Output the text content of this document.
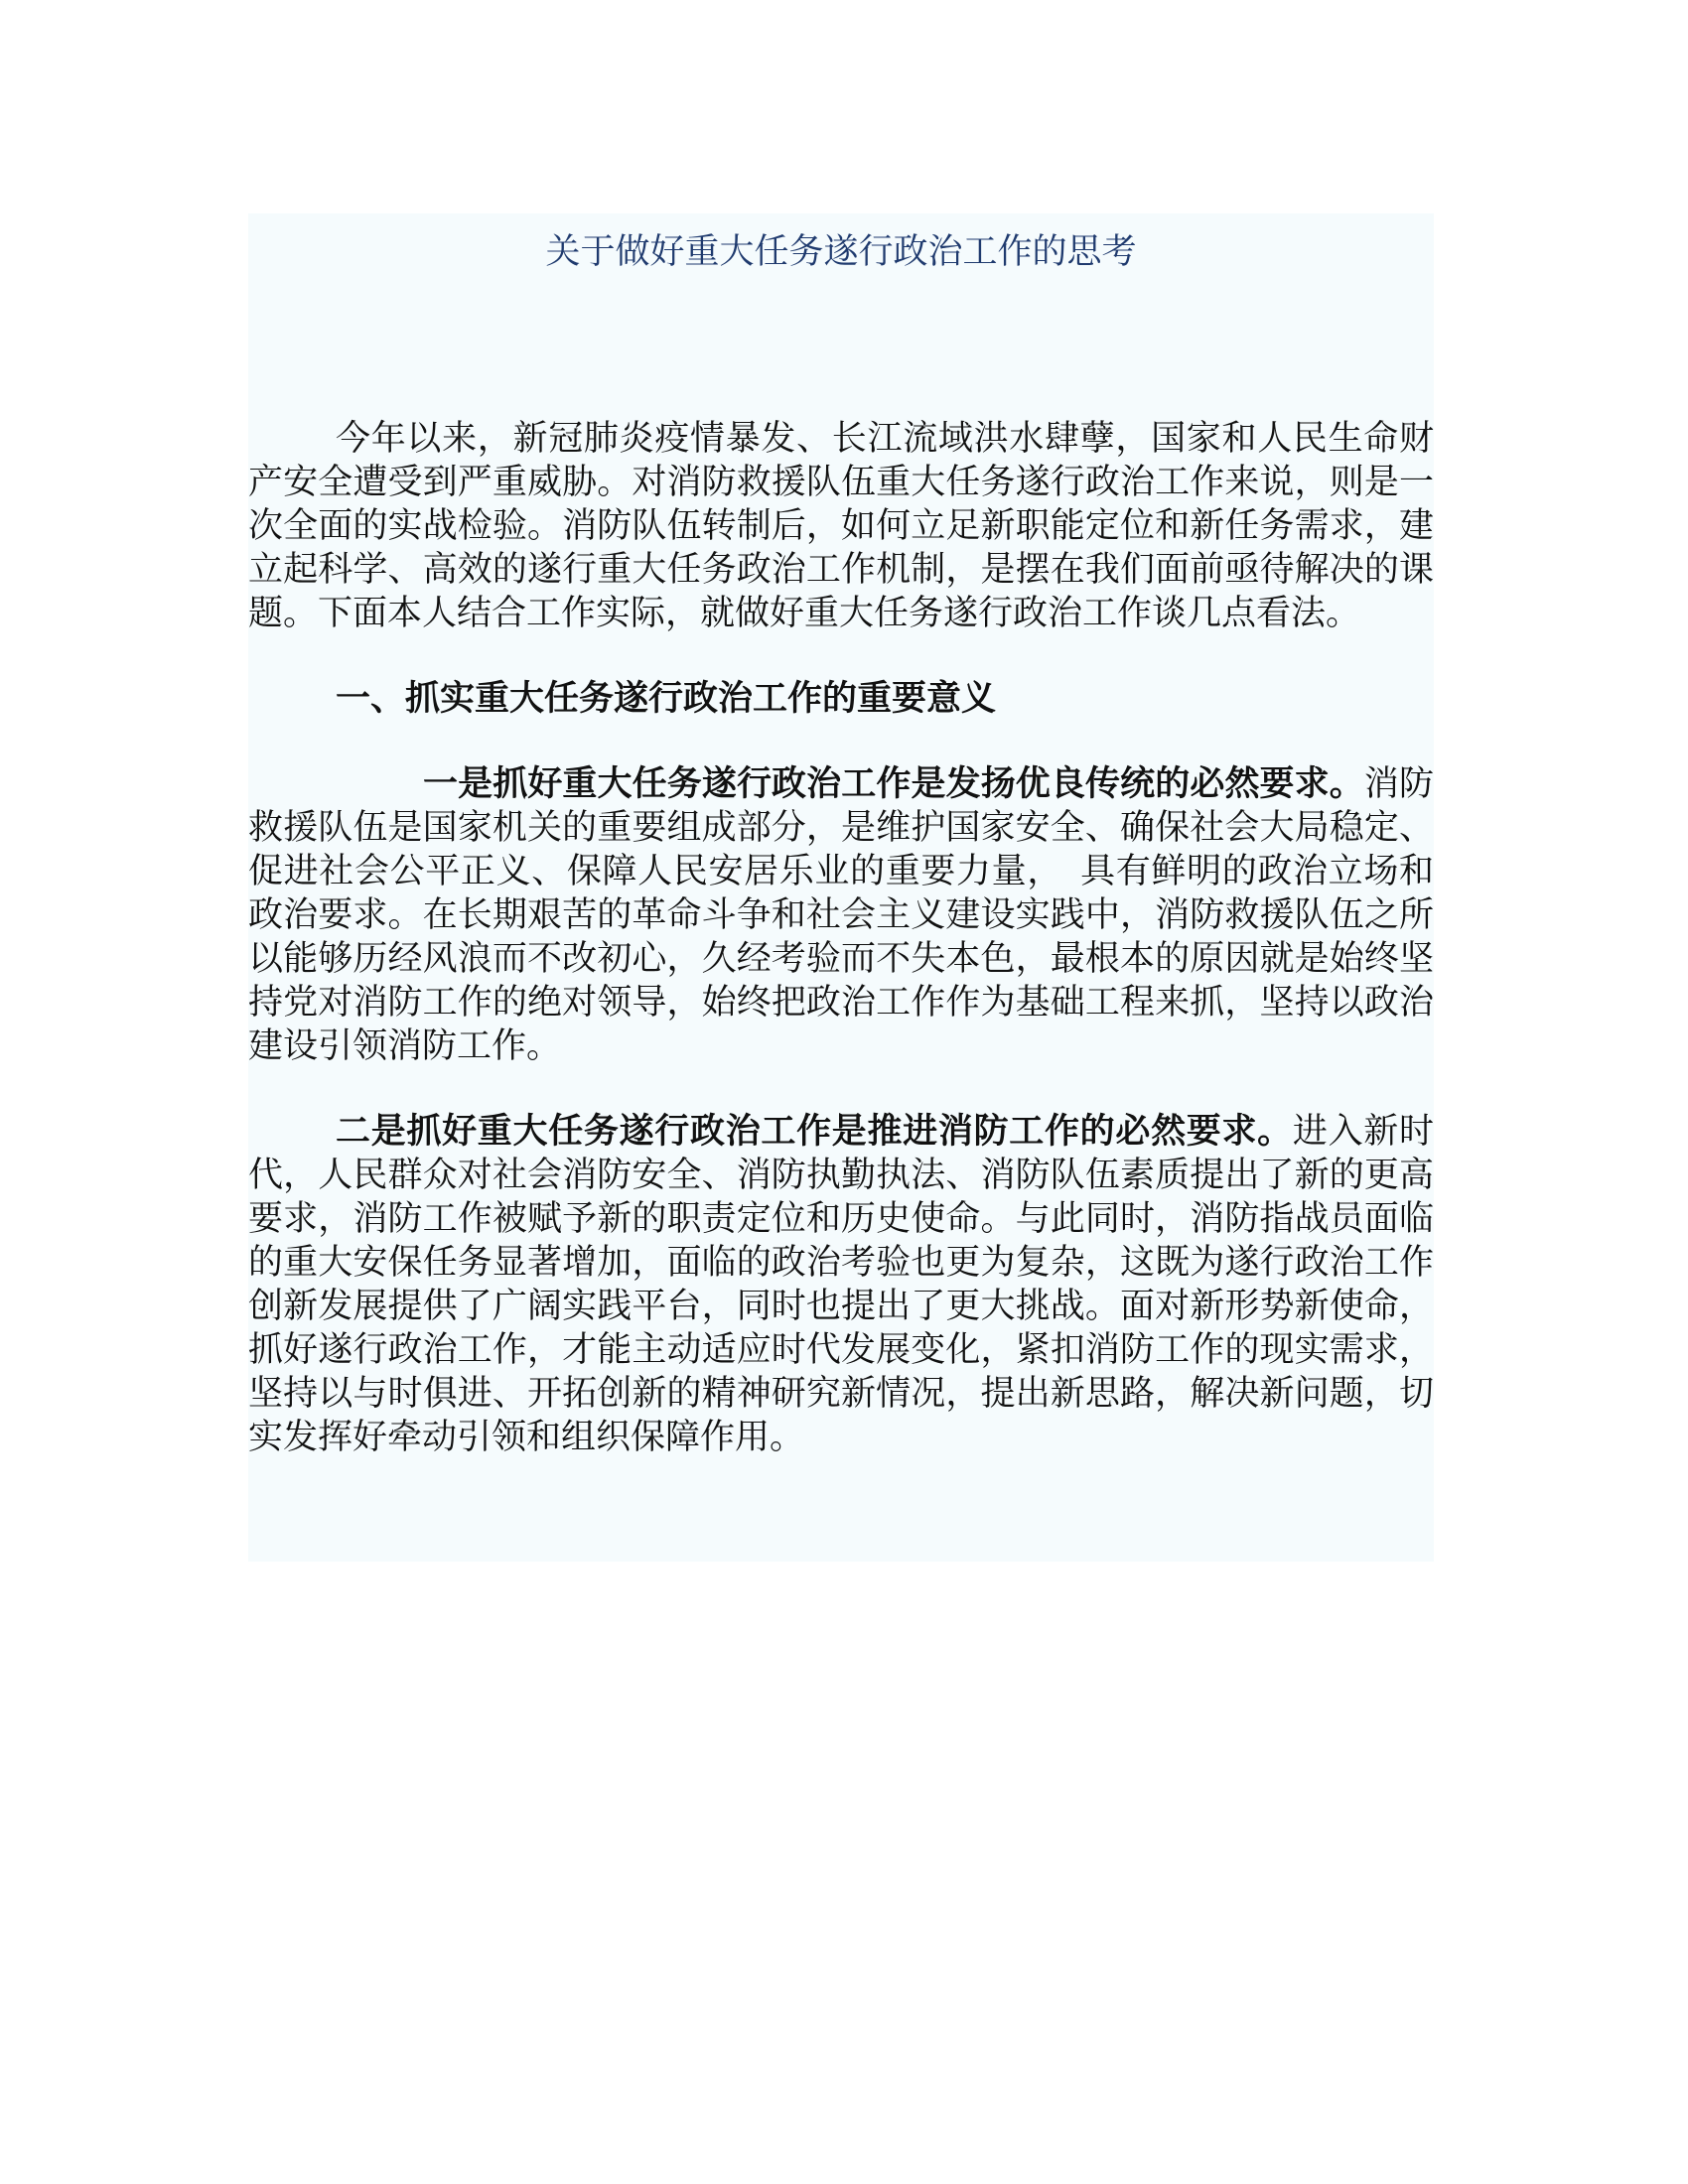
关于做好重大任务遂行政治工作的思考

今年以来，新冠肺炎疫情暴发、长江流域洪水肆孽，国家和人民生命财产安全遭受到严重威胁。对消防救援队伍重大任务遂行政治工作来说，则是一次全面的实战检验。消防队伍转制后，如何立足新职能定位和新任务需求，建立起科学、高效的遂行重大任务政治工作机制，是摆在我们面前亟待解决的课题。下面本人结合工作实际，就做好重大任务遂行政治工作谈几点看法。

一、抓实重大任务遂行政治工作的重要意义

一是抓好重大任务遂行政治工作是发扬优良传统的必然要求。消防救援队伍是国家机关的重要组成部分，是维护国家安全、确保社会大局稳定、促进社会公平正义、保障人民安居乐业的重要力量，　具有鲜明的政治立场和政治要求。在长期艰苦的革命斗争和社会主义建设实践中，消防救援队伍之所以能够历经风浪而不改初心，久经考验而不失本色，最根本的原因就是始终坚持党对消防工作的绝对领导，始终把政治工作作为基础工程来抓，坚持以政治建设引领消防工作。

二是抓好重大任务遂行政治工作是推进消防工作的必然要求。进入新时代，人民群众对社会消防安全、消防执勤执法、消防队伍素质提出了新的更高要求，消防工作被赋予新的职责定位和历史使命。与此同时，消防指战员面临的重大安保任务显著增加，面临的政治考验也更为复杂，这既为遂行政治工作创新发展提供了广阔实践平台，同时也提出了更大挑战。面对新形势新使命，抓好遂行政治工作，才能主动适应时代发展变化，紧扣消防工作的现实需求，坚持以与时俱进、开拓创新的精神研究新情况，提出新思路，解决新问题，切实发挥好牵动引领和组织保障作用。
